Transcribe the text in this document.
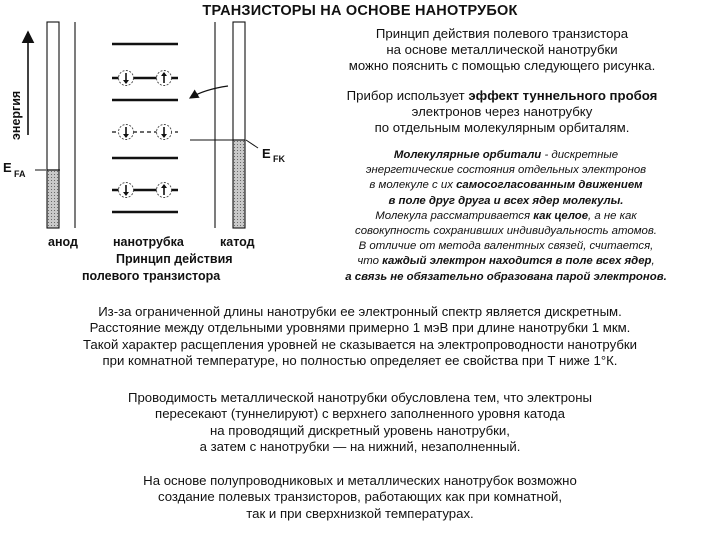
ТРАНЗИСТОРЫ НА ОСНОВЕ НАНОТРУБОК
энергия
E FK
E FA
анод	нанотрубка	катод
Принцип действия
полевого транзистора
Принцип действия полевого транзистора
на основе металлической нанотрубки
можно пояснить с помощью следующего рисунка.
Прибор использует эффект туннельного пробоя
электронов через нанотрубку
по отдельным молекулярным орбиталям.
Молекулярные орбитали - дискретные
энергетические состояния отдельных электронов
в молекуле с их самосогласованным движением
в поле друг друга и всех ядер молекулы.
Молекула рассматривается как целое, а не как
совокупность сохранивших индивидуальность атомов.
В отличие от метода валентных связей, считается,
что каждый электрон находится в поле всех ядер,
а связь не обязательно образована парой электронов.
Из-за ограниченной длины нанотрубки ее электронный спектр является дискретным.
Расстояние между отдельными уровнями примерно 1 мэВ при длине нанотрубки 1 мкм.
Такой характер расщепления уровней не сказывается на электропроводности нанотрубки
при комнатной температуре, но полностью определяет ее свойства при Т ниже 1°К.
Проводимость металлической нанотрубки обусловлена тем, что электроны
пересекают (туннелируют) с верхнего заполненного уровня катода
на проводящий дискретный уровень нанотрубки,
а затем с нанотрубки — на нижний, незаполненный.
На основе полупроводниковых и металлических нанотрубок возможно
создание полевых транзисторов, работающих как при комнатной,
так и при сверхнизкой температурах.
